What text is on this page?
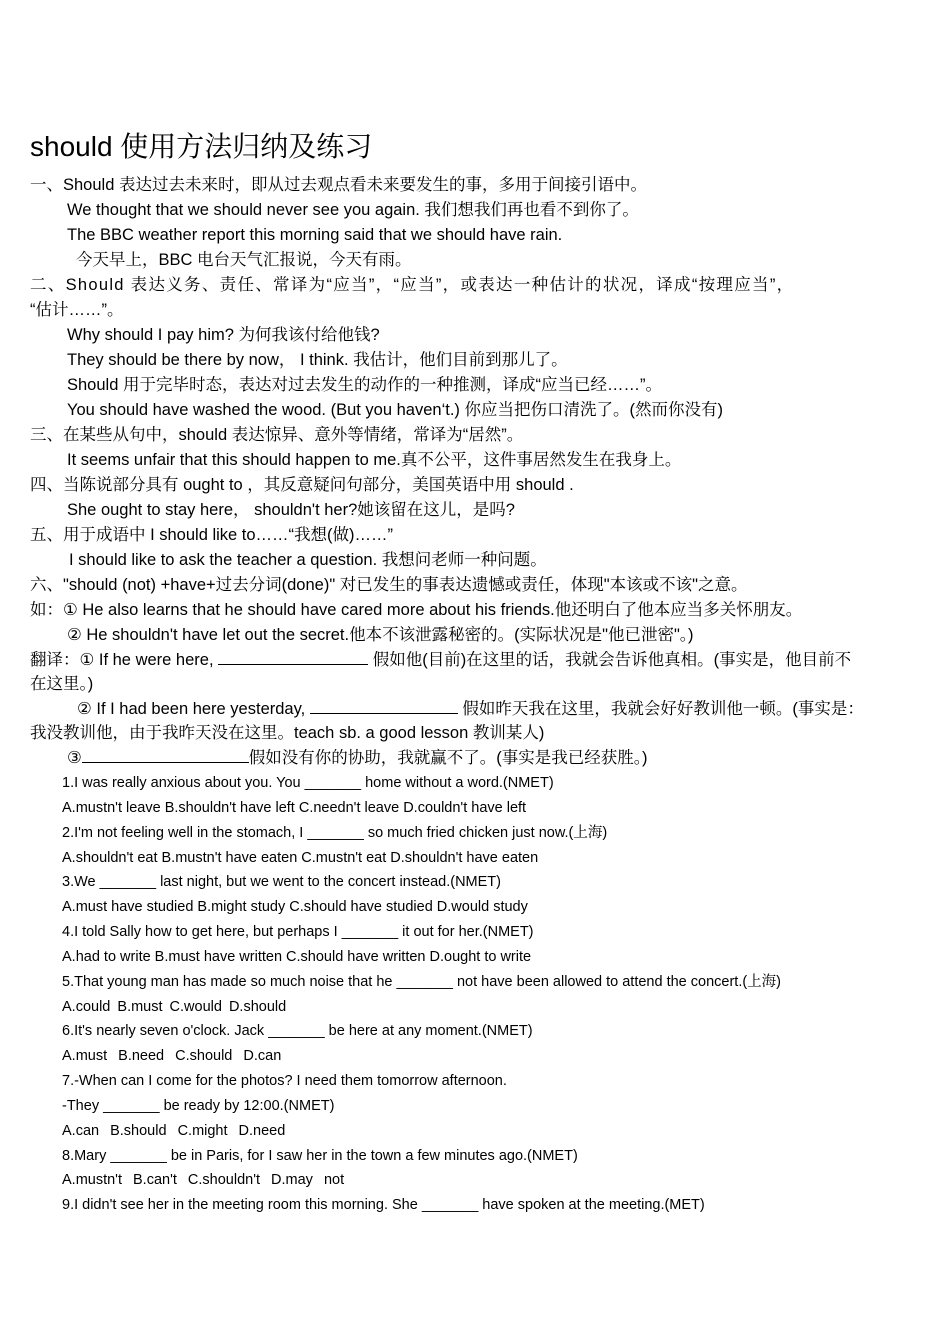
should 使用方法归纳及练习
一、Should 表达过去未来时，即从过去观点看未来要发生的事，多用于间接引语中。
We thought that we should never see you again. 我们想我们再也看不到你了。
The BBC weather report this morning said that we should have rain.
今天早上，BBC 电台天气汇报说，今天有雨。
二、Should 表达义务、责任、常译为“应当”，“应当”，或表达一种估计的状况，译成“按理应当”，
“估计……”。
Why should I pay him? 为何我该付给他钱?
They should be there by now， I think. 我估计，他们目前到那儿了。
Should 用于完毕时态，表达对过去发生的动作的一种推测，译成“应当已经……”。
You should have washed the wood. (But you haven‘t.) 你应当把伤口清洗了。(然而你没有)
三、在某些从句中，should 表达惊异、意外等情绪，常译为“居然”。
It seems unfair that this should happen to me.真不公平，这件事居然发生在我身上。
四、当陈说部分具有 ought to ，其反意疑问句部分，美国英语中用 should .
She ought to stay here， shouldn't her?她该留在这儿，是吗?
五、用于成语中 I should like to……“我想(做)……”
I should like to ask the teacher a question. 我想问老师一种问题。
六、"should (not) +have+过去分词(done)" 对已发生的事表达遗憾或责任，体现"本该或不该"之意。
如：① He also learns that he should have cared more about his friends.他还明白了他本应当多关怀朋友。
② He shouldn't have let out the secret.他本不该泄露秘密的。(实际状况是"他已泄密"。)
翻译：① If he were here,	假如他(目前)在这里的话，我就会告诉他真相。(事实是，他目前不
在这里。)
② If I had been here yesterday,	假如昨天我在这里，我就会好好教训他一顿。(事实是：
我没教训他，由于我昨天没在这里。teach sb. a good lesson 教训某人)
③	假如没有你的协助，我就赢不了。(事实是我已经获胜。)
1.I was really anxious about you. You _______ home without a word.(NMET)
A.mustn't leave B.shouldn't have left C.needn't leave D.couldn't have left
2.I'm not feeling well in the stomach, I _______ so much fried chicken just now.(上海)
A.shouldn't eat B.mustn't have eaten C.mustn't eat D.shouldn't have eaten
3.We _______ last night, but we went to the concert instead.(NMET)
A.must have studied B.might study C.should have studied D.would study
4.I told Sally how to get here, but perhaps I _______ it out for her.(NMET)
A.had to write B.must have written C.should have written D.ought to write
5.That young man has made so much noise that he _______ not have been allowed to attend the concert.(上海)
A.could B.must C.would D.should
6.It's nearly seven o'clock. Jack _______ be here at any moment.(NMET)
A.must B.need C.should D.can
7.-When can I come for the photos? I need them tomorrow afternoon.
-They _______ be ready by 12:00.(NMET)
A.can B.should C.might D.need
8.Mary _______ be in Paris, for I saw her in the town a few minutes ago.(NMET)
A.mustn't B.can't C.shouldn't D.may not
9.I didn't see her in the meeting room this morning. She _______ have spoken at the meeting.(MET)
